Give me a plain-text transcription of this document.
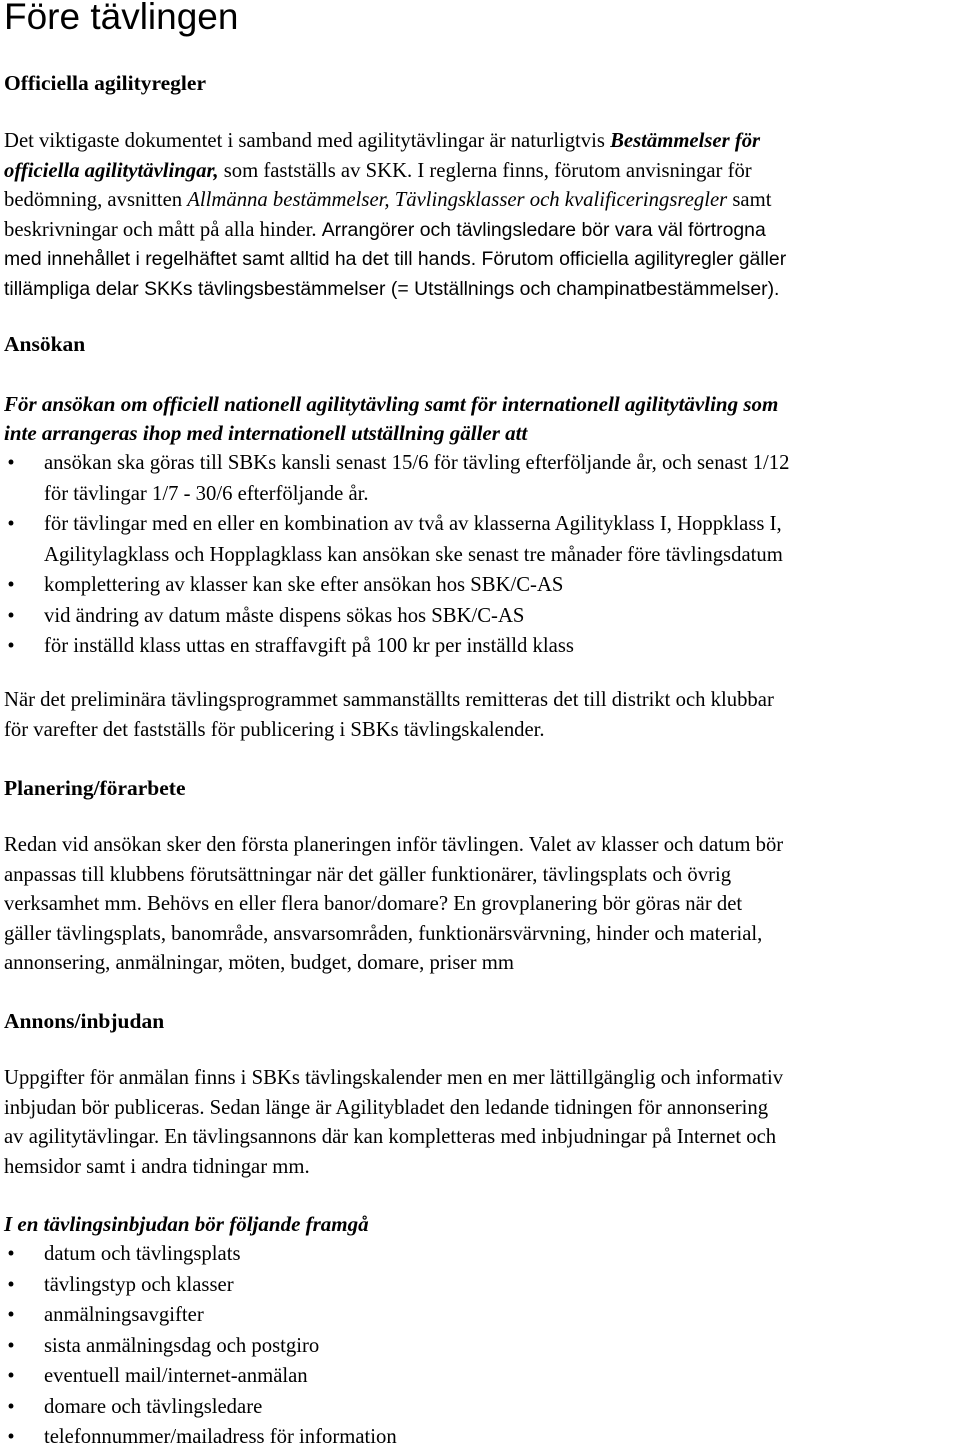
Före tävlingen
Officiella agilityregler
Det viktigaste dokumentet i samband med agilitytävlingar är naturligtvis Bestämmelser för
officiella agilitytävlingar, som fastställs av SKK. I reglerna finns, förutom anvisningar för
bedömning, avsnitten Allmänna bestämmelser, Tävlingsklasser och kvalificeringsregler samt
beskrivningar och mått på alla hinder. Arrangörer och tävlingsledare bör vara väl förtrogna
med innehållet i regelhäftet samt alltid ha det till hands. Förutom officiella agilityregler gäller
tillämpliga delar SKKs tävlingsbestämmelser (= Utställnings och champinatbestämmelser).
Ansökan
För ansökan om officiell nationell agilitytävling samt för internationell agilitytävling som
inte arrangeras ihop med internationell utställning gäller att
• ansökan ska göras till SBKs kansli senast 15/6 för tävling efterföljande år, och senast 1/12
för tävlingar 1/7 - 30/6 efterföljande år.
• för tävlingar med en eller en kombination av två av klasserna Agilityklass I, Hoppklass I,
Agilitylagklass och Hopplagklass kan ansökan ske senast tre månader före tävlingsdatum
• komplettering av klasser kan ske efter ansökan hos SBK/C-AS
• vid ändring av datum måste dispens sökas hos SBK/C-AS
• för inställd klass uttas en straffavgift på 100 kr per inställd klass
När det preliminära tävlingsprogrammet sammanställts remitteras det till distrikt och klubbar
för varefter det fastställs för publicering i SBKs tävlingskalender.
Planering/förarbete
Redan vid ansökan sker den första planeringen inför tävlingen. Valet av klasser och datum bör
anpassas till klubbens förutsättningar när det gäller funktionärer, tävlingsplats och övrig
verksamhet mm. Behövs en eller flera banor/domare? En grovplanering bör göras när det
gäller tävlingsplats, banområde, ansvarsområden, funktionärsvärvning, hinder och material,
annonsering, anmälningar, möten, budget, domare, priser mm
Annons/inbjudan
Uppgifter för anmälan finns i SBKs tävlingskalender men en mer lättillgänglig och informativ
inbjudan bör publiceras. Sedan länge är Agilitybladet den ledande tidningen för annonsering
av agilitytävlingar. En tävlingsannons där kan kompletteras med inbjudningar på Internet och
hemsidor samt i andra tidningar mm.
I en tävlingsinbjudan bör följande framgå
• datum och tävlingsplats
• tävlingstyp och klasser
• anmälningsavgifter
• sista anmälningsdag och postgiro
• eventuell mail/internet-anmälan
• domare och tävlingsledare
• telefonnummer/mailadress för information
